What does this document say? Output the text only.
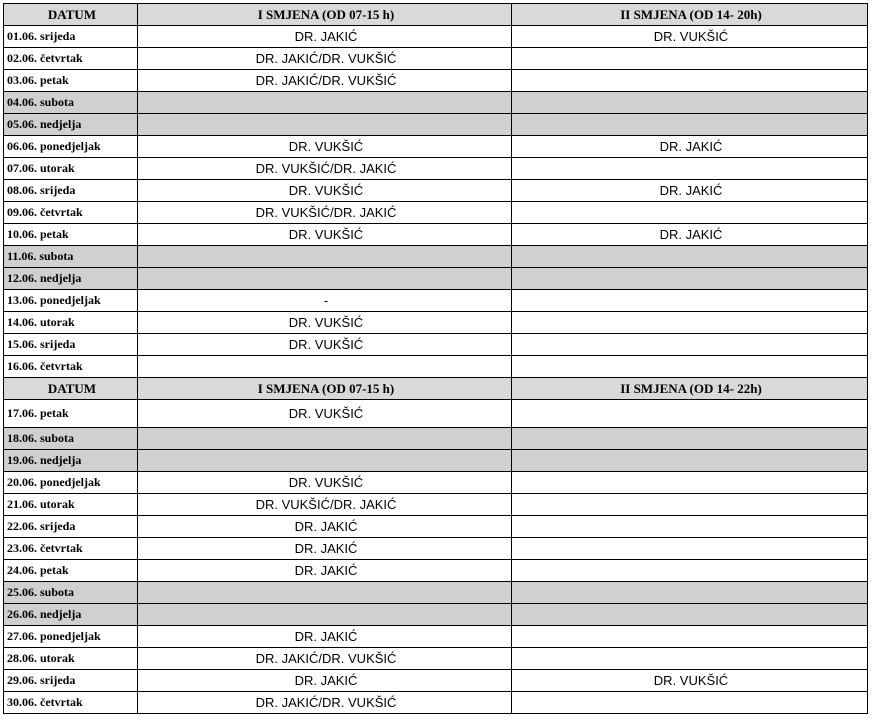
DATUM	I SMJENA (OD 07-15 h)	II SMJENA (OD 14- 20h)
01.06. srijeda	DR. JAKIĆ	DR. VUKŠIĆ
02.06. četvrtak	DR. JAKIĆ/DR. VUKŠIĆ	
03.06. petak	DR. JAKIĆ/DR. VUKŠIĆ	
04.06. subota		
05.06. nedjelja		
06.06. ponedjeljak	DR. VUKŠIĆ	DR. JAKIĆ
07.06. utorak	DR. VUKŠIĆ/DR. JAKIĆ	
08.06. srijeda	DR. VUKŠIĆ	DR. JAKIĆ
09.06. četvrtak	DR. VUKŠIĆ/DR. JAKIĆ	
10.06. petak	DR. VUKŠIĆ	DR. JAKIĆ
11.06. subota		
12.06. nedjelja		
13.06. ponedjeljak	-	
14.06. utorak	DR. VUKŠIĆ	
15.06. srijeda	DR. VUKŠIĆ	
16.06. četvrtak		
DATUM	I SMJENA (OD 07-15 h)	II SMJENA (OD 14- 22h)
17.06. petak	DR. VUKŠIĆ	
18.06. subota		
19.06. nedjelja		
20.06. ponedjeljak	DR. VUKŠIĆ	
21.06. utorak	DR. VUKŠIĆ/DR. JAKIĆ	
22.06. srijeda	DR. JAKIĆ	
23.06. četvrtak	DR. JAKIĆ	
24.06. petak	DR. JAKIĆ	
25.06. subota		
26.06. nedjelja		
27.06. ponedjeljak	DR. JAKIĆ	
28.06. utorak	DR. JAKIĆ/DR. VUKŠIĆ	
29.06. srijeda	DR. JAKIĆ	DR. VUKŠIĆ
30.06. četvrtak	DR. JAKIĆ/DR. VUKŠIĆ	
